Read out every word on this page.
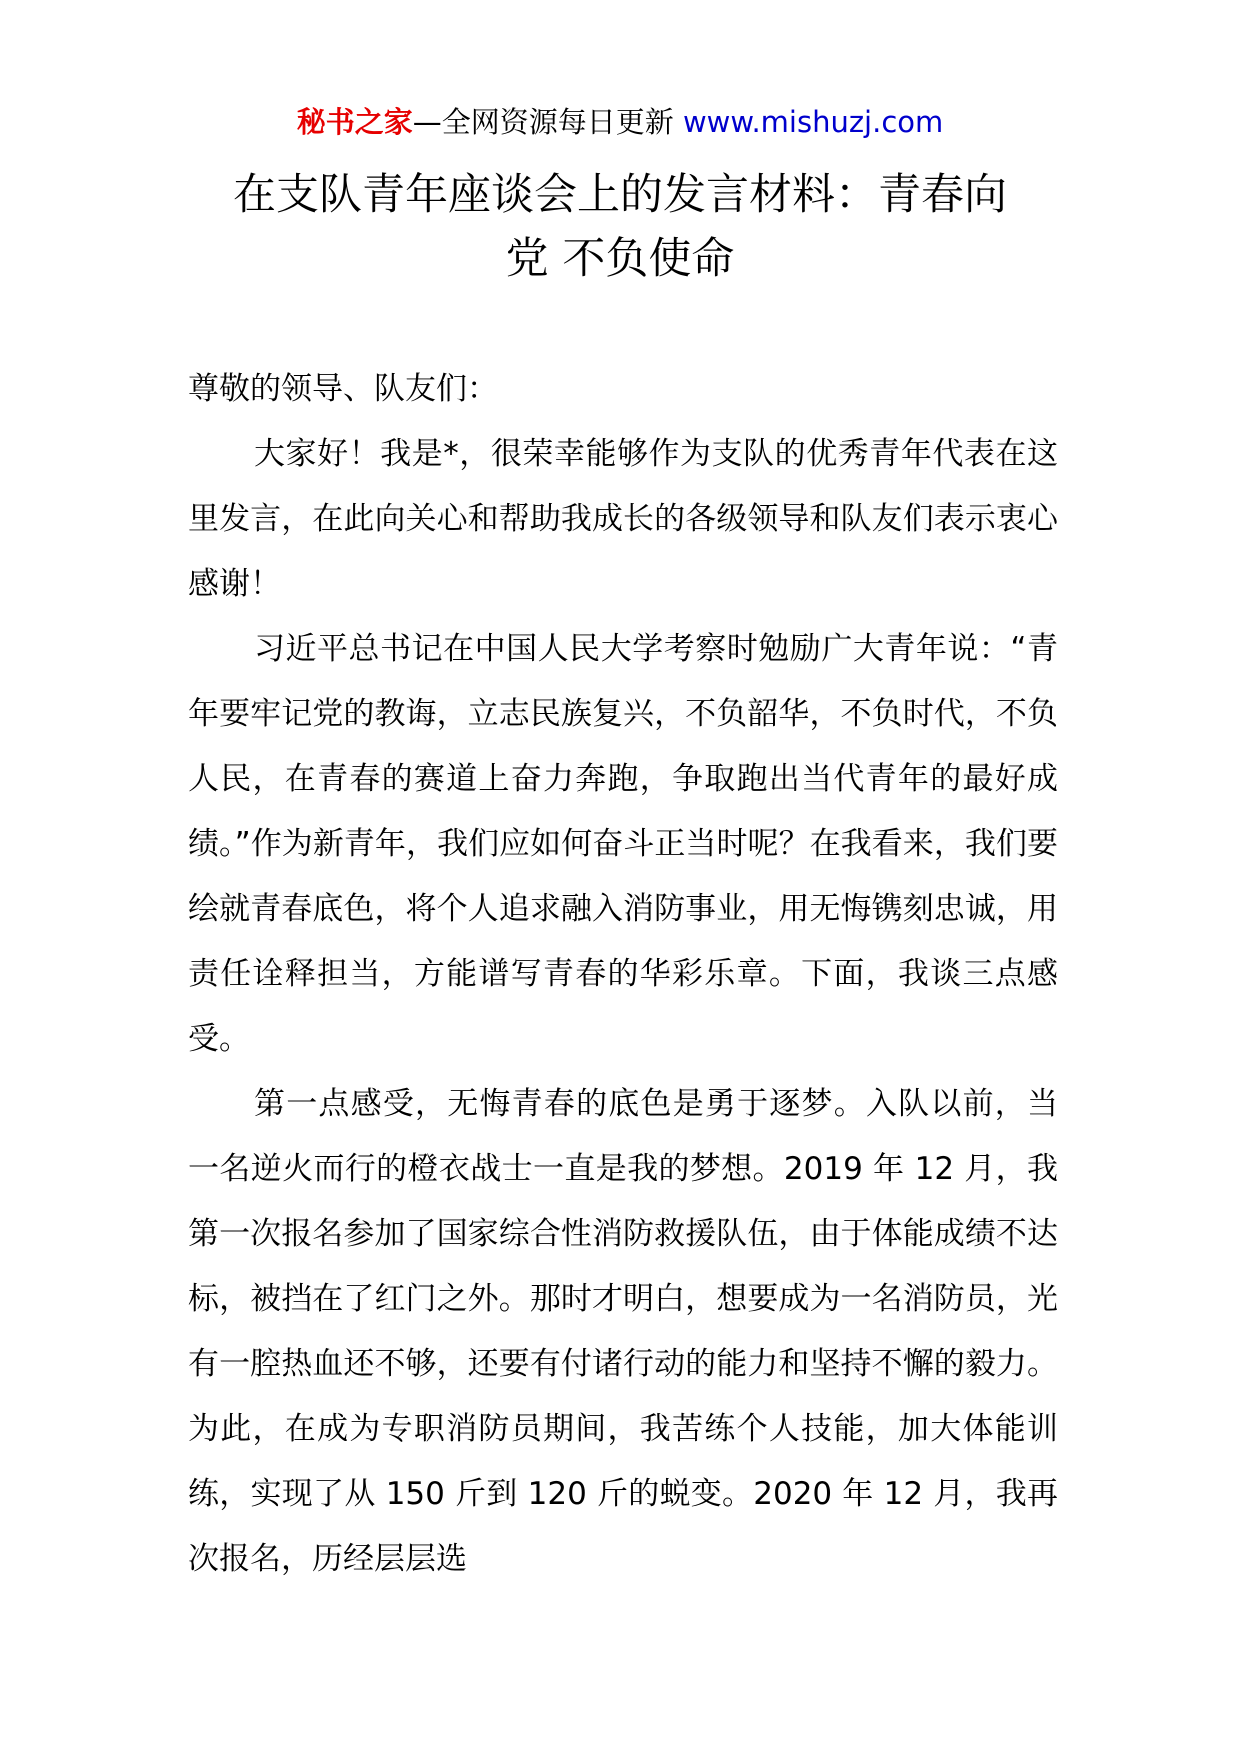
秘书之家—全网资源每日更新 www.mishuzj.com
在支队青年座谈会上的发言材料：青春向
党 不负使命

尊敬的领导、队友们：

大家好！我是*，很荣幸能够作为支队的优秀青年代表在这里发言，在此向关心和帮助我成长的各级领导和队友们表示衷心感谢！

习近平总书记在中国人民大学考察时勉励广大青年说：“青年要牢记党的教诲，立志民族复兴，不负韶华，不负时代，不负人民，在青春的赛道上奋力奔跑，争取跑出当代青年的最好成绩。”作为新青年，我们应如何奋斗正当时呢？在我看来，我们要绘就青春底色，将个人追求融入消防事业，用无悔镌刻忠诚，用责任诠释担当，方能谱写青春的华彩乐章。下面，我谈三点感受。

第一点感受，无悔青春的底色是勇于逐梦。入队以前，当一名逆火而行的橙衣战士一直是我的梦想。2019 年 12 月，我第一次报名参加了国家综合性消防救援队伍，由于体能成绩不达标，被挡在了红门之外。那时才明白，想要成为一名消防员，光有一腔热血还不够，还要有付诸行动的能力和坚持不懈的毅力。为此，在成为专职消防员期间，我苦练个人技能，加大体能训练，实现了从 150 斤到 120 斤的蜕变。2020 年 12 月，我再次报名，历经层层选
